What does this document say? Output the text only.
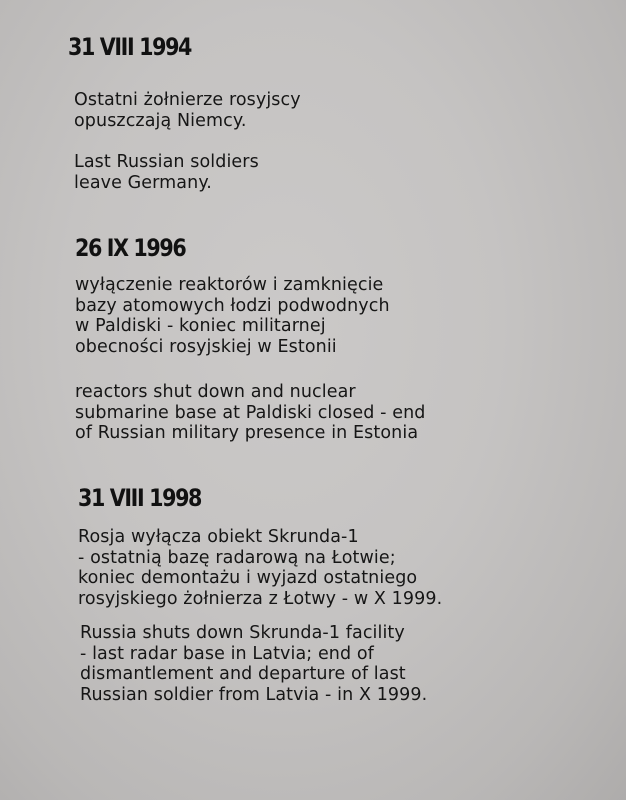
31 VIII 1994
Ostatni żołnierze rosyjscy
opuszczają Niemcy.
Last Russian soldiers
leave Germany.
26 IX 1996
wyłączenie reaktorów i zamknięcie
bazy atomowych łodzi podwodnych
w Paldiski - koniec militarnej
obecności rosyjskiej w Estonii
reactors shut down and nuclear
submarine base at Paldiski closed - end
of Russian military presence in Estonia
31 VIII 1998
Rosja wyłącza obiekt Skrunda-1
- ostatnią bazę radarową na Łotwie;
koniec demontażu i wyjazd ostatniego
rosyjskiego żołnierza z Łotwy - w X 1999.
Russia shuts down Skrunda-1 facility
- last radar base in Latvia; end of
dismantlement and departure of last
Russian soldier from Latvia - in X 1999.
